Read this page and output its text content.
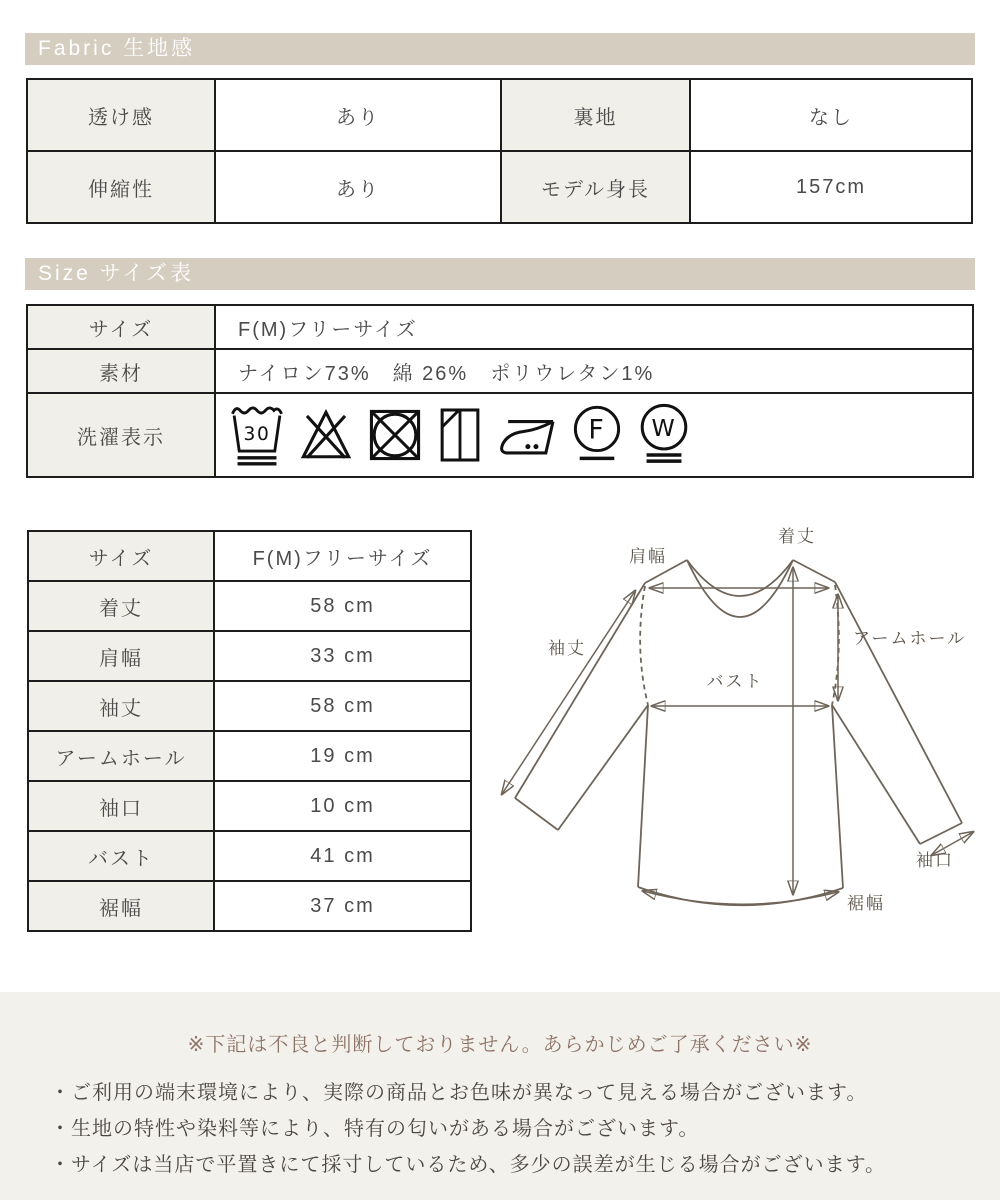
Fabric 生地感
透け感	あり	裏地	なし
伸縮性	あり	モデル身長	157cm
Size サイズ表
サイズ	F(M)フリーサイズ
素材	ナイロン73%　綿 26%　ポリウレタン1%
洗濯表示	30 F W
サイズ	F(M)フリーサイズ
着丈	58 cm
肩幅	33 cm
袖丈	58 cm
アームホール	19 cm
袖口	10 cm
バスト	41 cm
裾幅	37 cm
肩幅
着丈
袖丈
アームホール
バスト
袖口
裾幅
※下記は不良と判断しておりません。あらかじめご了承ください※
・ご利用の端末環境により、実際の商品とお色味が異なって見える場合がございます。
・生地の特性や染料等により、特有の匂いがある場合がございます。
・サイズは当店で平置きにて採寸しているため、多少の誤差が生じる場合がございます。
